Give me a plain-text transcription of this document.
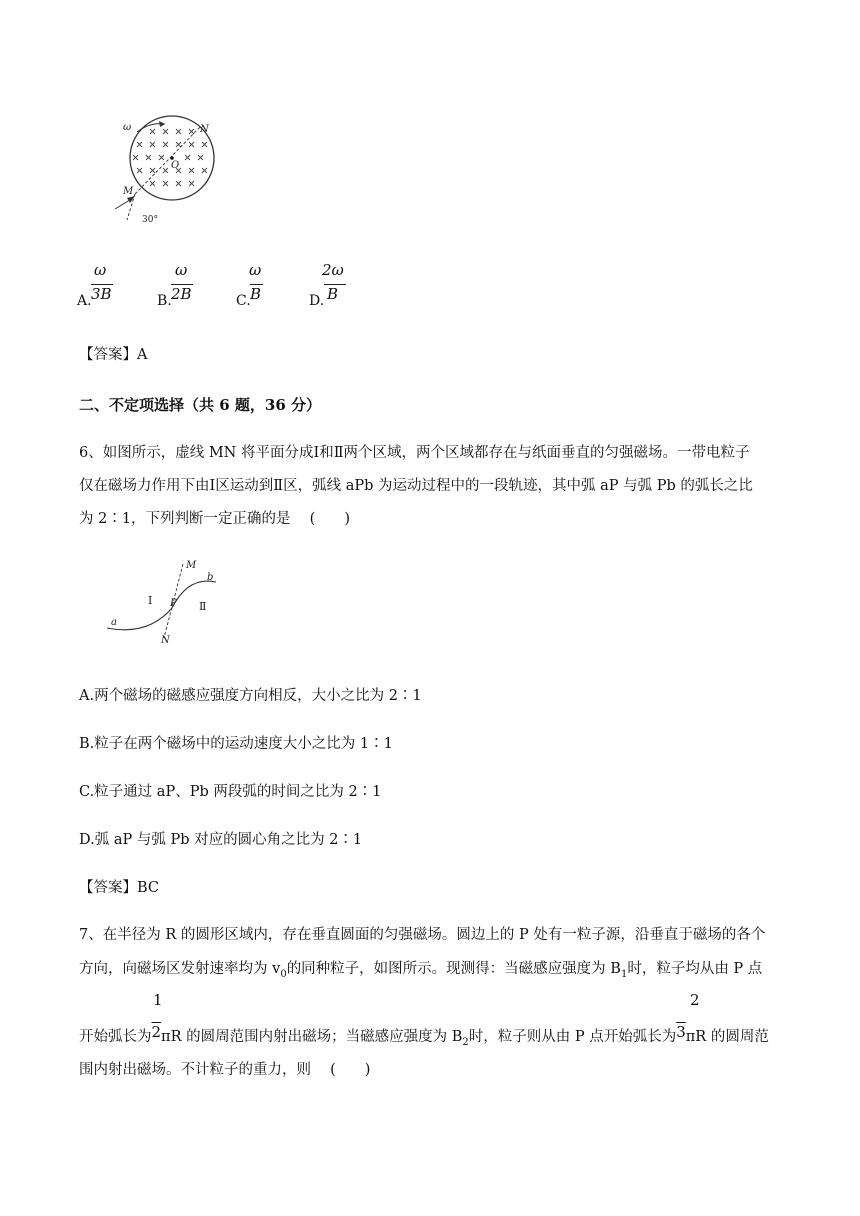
ω	N
O
M
30°
ω
3B
A.
ω
2B
B.
ω
B
C.
2ω
B
D.
【答案】A
二、不定项选择（共 6 题，36 分）
6、如图所示，虚线 MN 将平面分成Ⅰ和Ⅱ两个区域，两个区域都存在与纸面垂直的匀强磁场。一带电粒子
仅在磁场力作用下由Ⅰ区运动到Ⅱ区，弧线 aPb 为运动过程中的一段轨迹，其中弧 aP 与弧 Pb 的弧长之比
为 2∶1，下列判断一定正确的是　 (　　)
M
b
Ⅰ P Ⅱ
a
N
A.两个磁场的磁感应强度方向相反，大小之比为 2∶1
B.粒子在两个磁场中的运动速度大小之比为 1∶1
C.粒子通过 aP、Pb 两段弧的时间之比为 2∶1
D.弧 aP 与弧 Pb 对应的圆心角之比为 2∶1
【答案】BC
7、在半径为 R 的圆形区域内，存在垂直圆面的匀强磁场。圆边上的 P 处有一粒子源，沿垂直于磁场的各个
方向，向磁场区发射速率均为 $v_0$的同种粒子，如图所示。现测得：当磁感应强度为 $B_1$时，粒子均从由 P 点
1	2
开始弧长为2πR 的圆周范围内射出磁场；当磁感应强度为 $B_2$时，粒子则从由 P 点开始弧长为3πR 的圆周范
围内射出磁场。不计粒子的重力，则　 (　　)
